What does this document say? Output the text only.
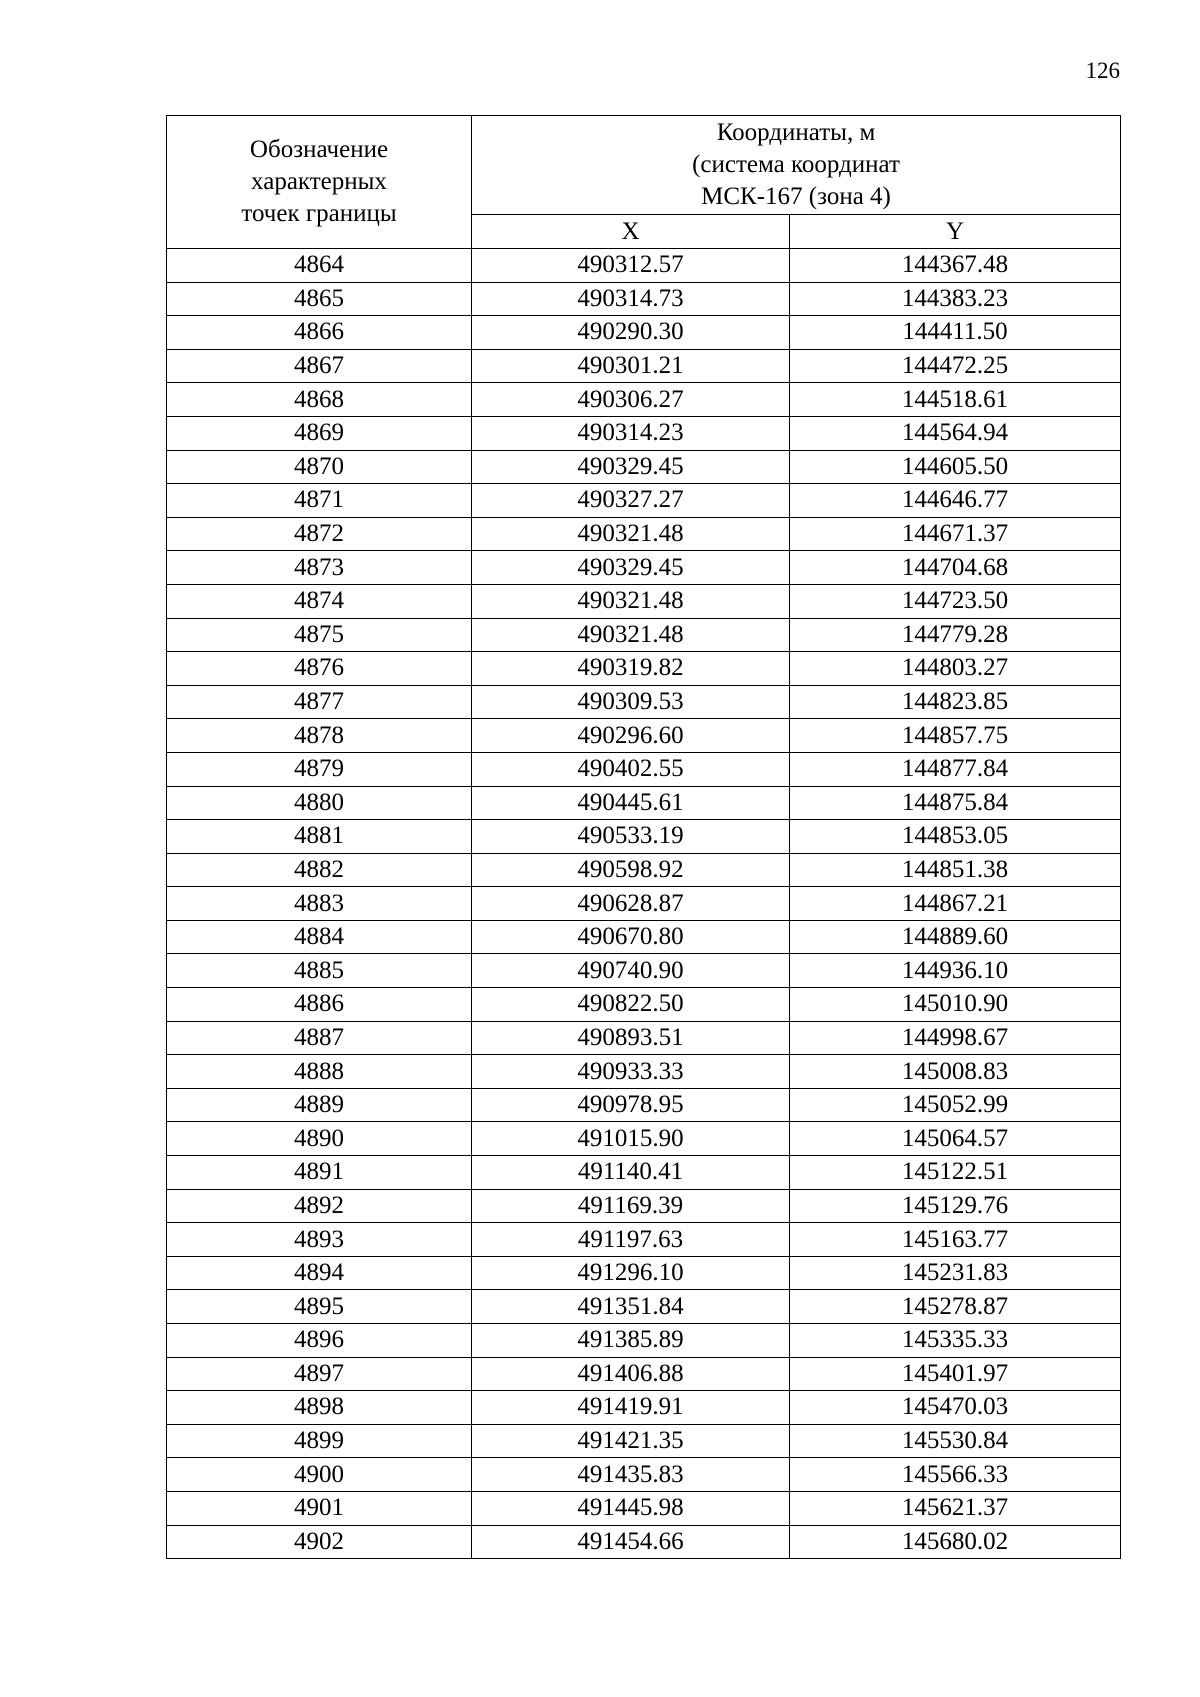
126
Обозначение
характерных
точек границы	Координаты, м
(система координат
МСК-167 (зона 4)	

	X	Y
4864	490312.57	144367.48
4865	490314.73	144383.23
4866	490290.30	144411.50
4867	490301.21	144472.25
4868	490306.27	144518.61
4869	490314.23	144564.94
4870	490329.45	144605.50
4871	490327.27	144646.77
4872	490321.48	144671.37
4873	490329.45	144704.68
4874	490321.48	144723.50
4875	490321.48	144779.28
4876	490319.82	144803.27
4877	490309.53	144823.85
4878	490296.60	144857.75
4879	490402.55	144877.84
4880	490445.61	144875.84
4881	490533.19	144853.05
4882	490598.92	144851.38
4883	490628.87	144867.21
4884	490670.80	144889.60
4885	490740.90	144936.10
4886	490822.50	145010.90
4887	490893.51	144998.67
4888	490933.33	145008.83
4889	490978.95	145052.99
4890	491015.90	145064.57
4891	491140.41	145122.51
4892	491169.39	145129.76
4893	491197.63	145163.77
4894	491296.10	145231.83
4895	491351.84	145278.87
4896	491385.89	145335.33
4897	491406.88	145401.97
4898	491419.91	145470.03
4899	491421.35	145530.84
4900	491435.83	145566.33
4901	491445.98	145621.37
4902	491454.66	145680.02
